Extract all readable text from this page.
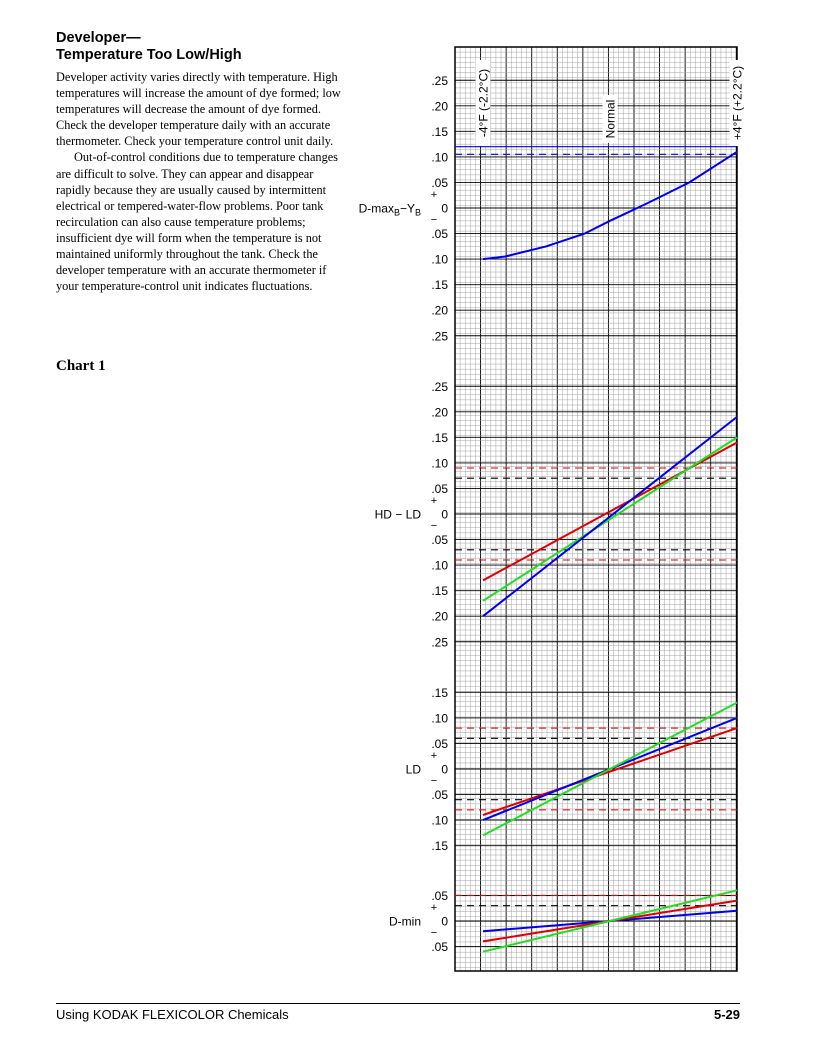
Developer—
Temperature Too Low/High

Developer activity varies directly with temperature. High temperatures will increase the amount of dye formed; low temperatures will decrease the amount of dye formed. Check the developer temperature daily with an accurate thermometer. Check your temperature control unit daily.

Out-of-control conditions due to temperature changes are difficult to solve. They can appear and disappear rapidly because they are usually caused by intermittent electrical or tempered-water-flow problems. Poor tank recirculation can also cause temperature problems; insufficient dye will form when the temperature is not maintained uniformly throughout the tank. Check the developer temperature with an accurate thermometer if your temperature-control unit indicates fluctuations.

Chart 1
-4°F (-2.2°C)	Normal	+4°F (+2.2°C)
.25
.20
.15
.10
.05
0
.05
.10
.15
.20
.25
+
−
$D-\max_B-Y_B$
.25
.20
.15
.10
.05
0
.05
.10
.15
.20
.25
+
−
HD − LD
.15
.10
.05
0
.05
.10
.15
+
−
LD
.05
0
.05
+
−
D-min
Using KODAK FLEXICOLOR Chemicals	5-29
